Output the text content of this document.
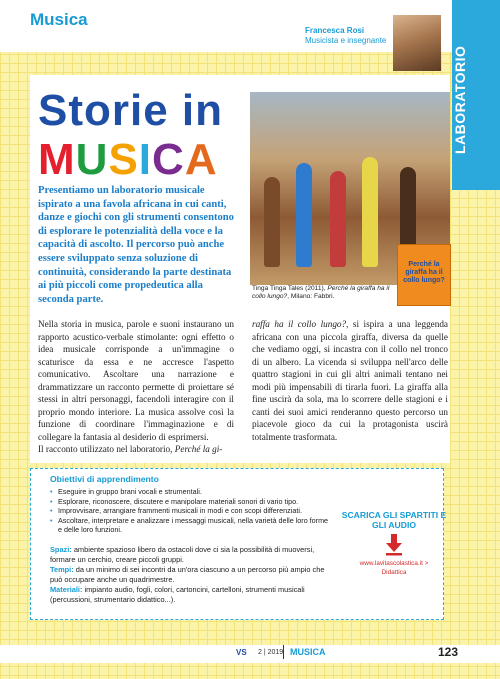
Musica
Francesca Rosi
Musicista e insegnante
LABORATORIO
Storie in
MUSICA
Presentiamo un laboratorio musicale ispirato a una favola africana in cui canti, danze e giochi con gli strumenti consentono di esplorare le potenzialità della voce e la capacità di ascolto. Il percorso può anche essere sviluppato senza soluzione di continuità, considerando la parte destinata ai più piccoli come propedeutica alla seconda parte.
Perché la giraffa ha il collo lungo?
Tinga Tinga Tales (2011), Perché la giraffa ha il collo lungo?, Milano: Fabbri.
Nella storia in musica, parole e suoni instaurano un rapporto acustico-verbale stimolante: ogni effetto o idea musicale corrisponde a un'immagine o scaturisce da essa e ne accresce l'aspetto comunicativo. Ascoltare una narrazione e drammatizzare un racconto permette di proiettare sé stessi in altri personaggi, facendoli interagire con il proprio mondo interiore. La musica assolve così la funzione di coordinare l'immaginazione e di collegare la fantasia al desiderio di esprimersi.
Il racconto utilizzato nel laboratorio, Perché la gi-
raffa ha il collo lungo?, si ispira a una leggenda africana con una piccola giraffa, diversa da quelle che vediamo oggi, si incastra con il collo nel tronco di un albero. La vicenda si sviluppa nell'arco delle quattro stagioni in cui gli altri animali tentano nei modi più impensabili di tirarla fuori. La giraffa alla fine uscirà da sola, ma lo scorrere delle stagioni e i canti dei suoi amici renderanno questo percorso un piacevole gioco da cui la protagonista uscirà totalmente trasformata.
Obiettivi di apprendimento
• Eseguire in gruppo brani vocali e strumentali.
• Esplorare, riconoscere, discutere e manipolare materiali sonori di vario tipo.
• Improvvisare, arrangiare frammenti musicali in modi e con scopi differenziati.
• Ascoltare, interpretare e analizzare i messaggi musicali, nella varietà delle loro forme e delle loro funzioni.
Spazi: ambiente spazioso libero da ostacoli dove ci sia la possibilità di muoversi, formare un cerchio, creare piccoli gruppi.
Tempi: da un minimo di sei incontri da un'ora ciascuno a un percorso più ampio che può occupare anche un quadrimestre.
Materiali: impianto audio, fogli, colori, cartoncini, cartelloni, strumenti musicali (percussioni, strumentario didattico...).
SCARICA GLI SPARTITI E GLI AUDIO
www.lavitascolastica.it >
Didattica
VS 2 | 2019 MUSICA	123
